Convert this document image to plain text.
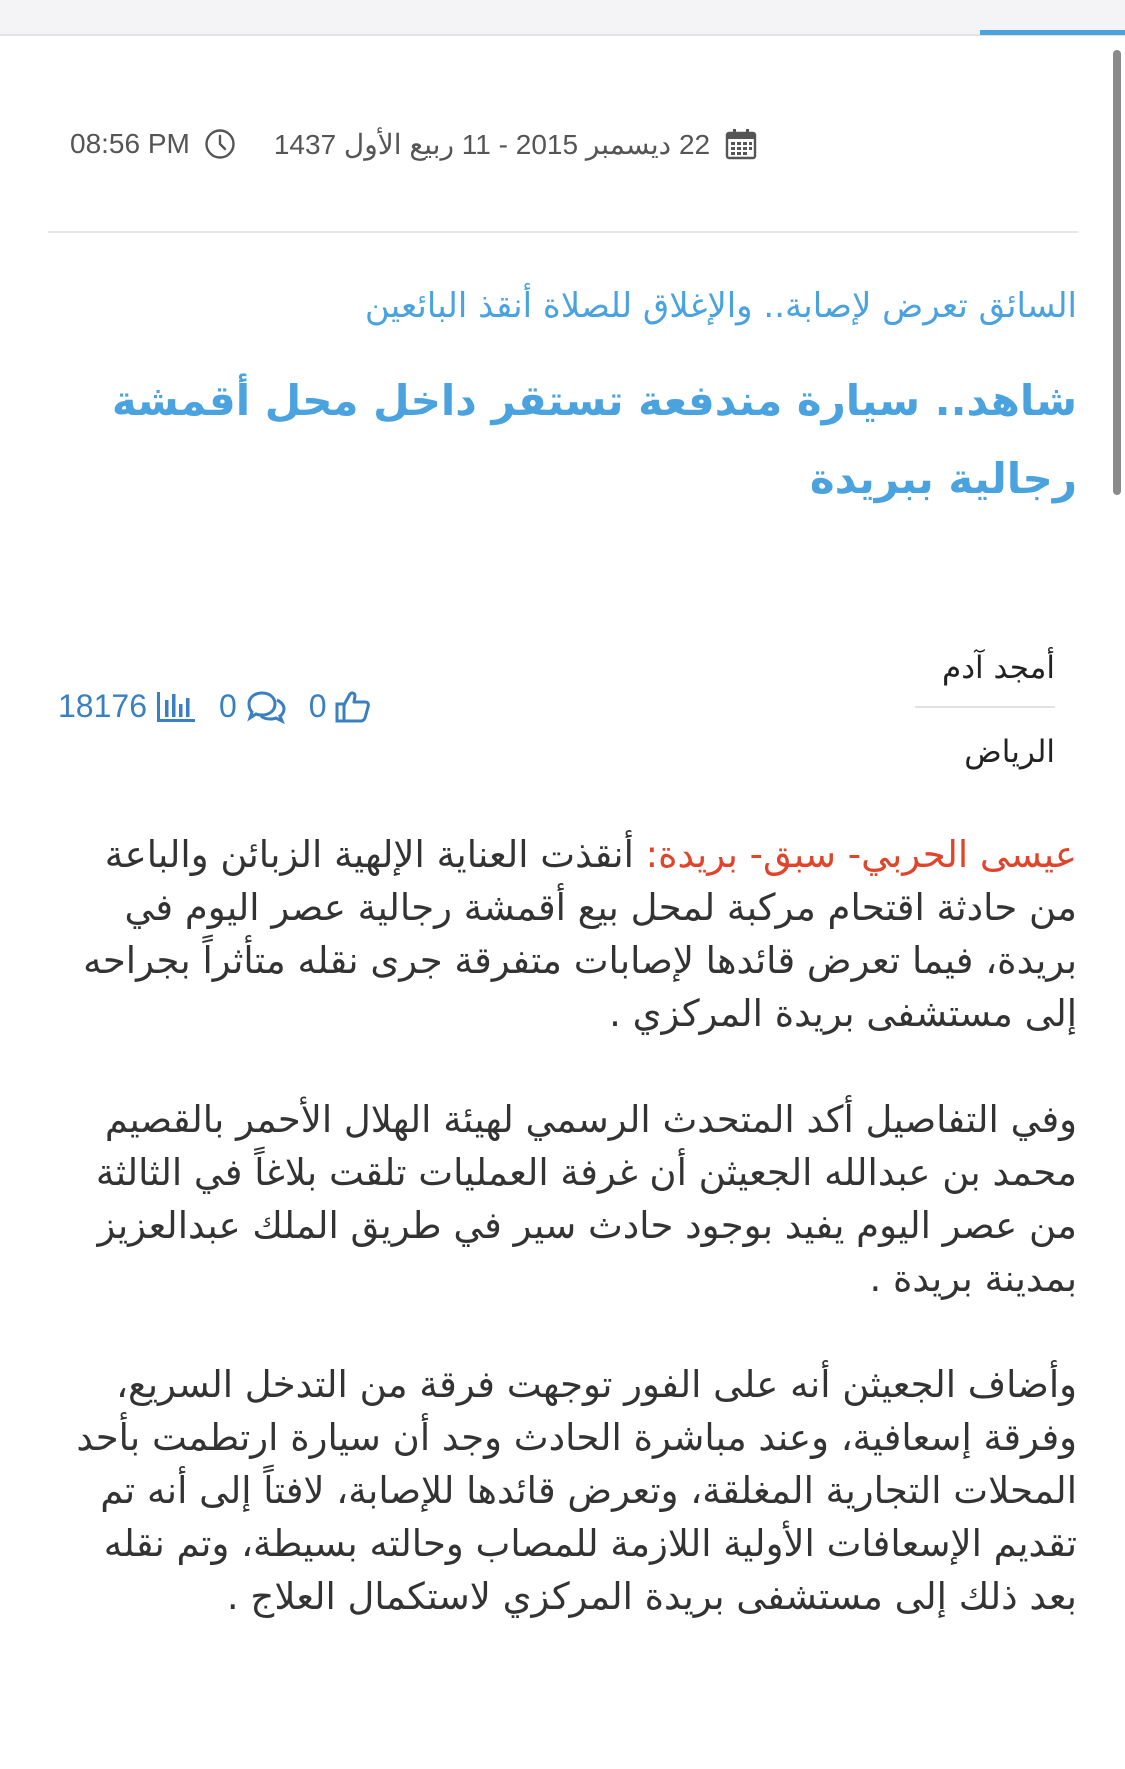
08:56 PM	22 ديسمبر 2015 - 11 ربيع الأول 1437
السائق تعرض لإصابة.. والإغلاق للصلاة أنقذ البائعين
شاهد.. سيارة مندفعة تستقر داخل محل أقمشة رجالية ببريدة
أمجد آدم
الرياض
18176 0 0

عيسى الحربي- سبق- بريدة: أنقذت العناية الإلهية الزبائن والباعة من حادثة اقتحام مركبة لمحل بيع أقمشة رجالية عصر اليوم في بريدة، فيما تعرض قائدها لإصابات متفرقة جرى نقله متأثراً بجراحه إلى مستشفى بريدة المركزي .

وفي التفاصيل أكد المتحدث الرسمي لهيئة الهلال الأحمر بالقصيم محمد بن عبدالله الجعيثن أن غرفة العمليات تلقت بلاغاً في الثالثة من عصر اليوم يفيد بوجود حادث سير في طريق الملك عبدالعزيز بمدينة بريدة .

وأضاف الجعيثن أنه على الفور توجهت فرقة من التدخل السريع، وفرقة إسعافية، وعند مباشرة الحادث وجد أن سيارة ارتطمت بأحد المحلات التجارية المغلقة، وتعرض قائدها للإصابة، لافتاً إلى أنه تم تقديم الإسعافات الأولية اللازمة للمصاب وحالته بسيطة، وتم نقله بعد ذلك إلى مستشفى بريدة المركزي لاستكمال العلاج .
